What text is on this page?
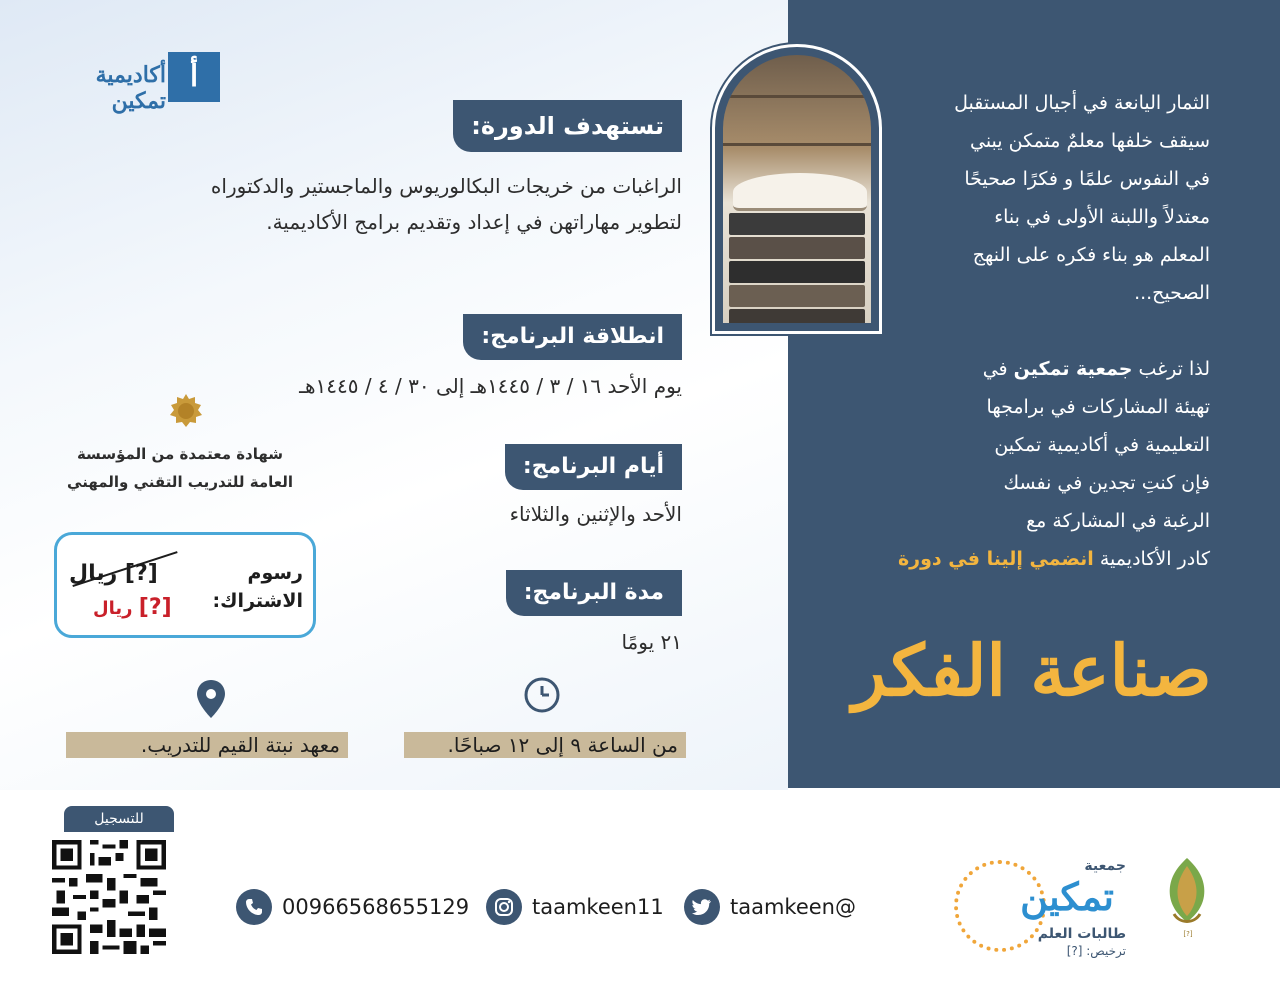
أ
أكاديمية تمكين	الثمار اليانعة في أجيال المستقبل
سيقف خلفها معلمٌ متمكن يبني
في النفوس علمًا و فكرًا صحيحًا
معتدلاً واللبنة الأولى في بناء
المعلم هو بناء فكره على النهج
الصحيح...
لذا ترغب جمعية تمكين في
تهيئة المشاركات في برامجها
التعليمية في أكاديمية تمكين
فإن كنتِ تجدين في نفسك
الرغبة في المشاركة مع
كادر الأكاديمية انضمي إلينا في دورة
صناعة الفكر
تستهدف الدورة:
الراغبات من خريجات البكالوريوس والماجستير والدكتوراه
لتطوير مهاراتهن في إعداد وتقديم برامج الأكاديمية.
انطلاقة البرنامج:
يوم الأحد ١٦ / ٣ / ١٤٤٥هـ إلى ٣٠ / ٤ / ١٤٤٥هـ
أيام البرنامج:
الأحد والإثنين والثلاثاء
مدة البرنامج:
٢١ يومًا
من الساعة ٩ إلى ١٢ صباحًا.
معهد نبتة القيم للتدريب.
شهادة معتمدة من المؤسسة
العامة للتدريب التقني والمهني
رسوم
الاشتراك:
[?] ريال
[?] ريال
للتسجيل
00966568655129	taamkeen11	taamkeen@
جمعية
تمكين
طالبات العلم
ترخيص: [?]
[?]
